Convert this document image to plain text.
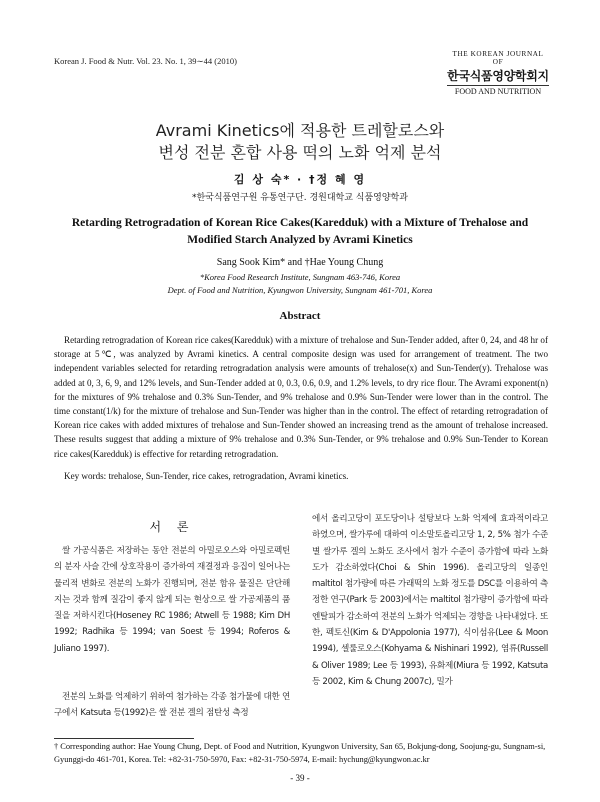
Korean J. Food & Nutr. Vol. 23. No. 1, 39∼44 (2010)
THE KOREAN JOURNAL OF
한국식품영양학회지
FOOD AND NUTRITION
Avrami Kinetics에 적용한 트레할로스와
변성 전분 혼합 사용 떡의 노화 억제 분석
김 상 숙* · †정 혜 영
*한국식품연구원 유통연구단. 경원대학교 식품영양학과
Retarding Retrogradation of Korean Rice Cakes(Karedduk) with a Mixture of Trehalose and
Modified Starch Analyzed by Avrami Kinetics
Sang Sook Kim* and †Hae Young Chung
*Korea Food Research Institute, Sungnam 463-746, Korea
Dept. of Food and Nutrition, Kyungwon University, Sungnam 461-701, Korea
Abstract

Retarding retrogradation of Korean rice cakes(Karedduk) with a mixture of trehalose and Sun-Tender added, after 0, 24, and 48 hr of storage at 5℃, was analyzed by Avrami kinetics. A central composite design was used for arrangement of treatment. The two independent variables selected for retarding retrogradation analysis were amounts of trehalose(x) and Sun-Tender(y). Trehalose was added at 0, 3, 6, 9, and 12% levels, and Sun-Tender added at 0, 0.3, 0.6, 0.9, and 1.2% levels, to dry rice flour. The Avrami exponent(n) for the mixtures of 9% trehalose and 0.3% Sun-Tender, and 9% trehalose and 0.9% Sun-Tender were lower than in the control. The time constant(1/k) for the mixture of trehalose and Sun-Tender was higher than in the control. The effect of retarding retrogradation of Korean rice cakes with added mixtures of trehalose and Sun-Tender showed an increasing trend as the amount of trehalose increased. These results suggest that adding a mixture of 9% trehalose and 0.3% Sun-Tender, or 9% trehalose and 0.9% Sun-Tender to Korean rice cakes(Karedduk) is effective for retarding retrogradation.

Key words: trehalose, Sun-Tender, rice cakes, retrogradation, Avrami kinetics.
서 론

쌀 가공식품은 저장하는 동안 전분의 아밀로오스와 아밀로펙틴의 분자 사슬 간에 상호작용이 증가하여 재결정과 응집이 일어나는 물리적 변화로 전분의 노화가 진행되며, 전분 함유 물질은 단단해지는 것과 함께 질감이 좋지 않게 되는 현상으로 쌀 가공제품의 품질을 저하시킨다(Hoseney RC 1986; Atwell 등 1988; Kim DH 1992; Radhika 등 1994; van Soest 등 1994; Roferos & Juliano 1997).

전분의 노화를 억제하기 위하여 첨가하는 각종 첨가물에 대한 연구에서 Katsuta 등(1992)은 쌀 전분 겔의 점탄성 측정

에서 올리고당이 포도당이나 설탕보다 노화 억제에 효과적이라고 하였으며, 쌀가루에 대하여 이소말토올리고당 1, 2, 5% 첨가 수준별 쌀가루 겔의 노화도 조사에서 첨가 수준이 증가함에 따라 노화도가 감소하였다(Choi & Shin 1996). 올리고당의 일종인 maltitol 첨가량에 따른 가래떡의 노화 정도를 DSC를 이용하여 측정한 연구(Park 등 2003)에서는 maltitol 첨가량이 증가함에 따라 엔탈피가 감소하여 전분의 노화가 억제되는 경향을 나타내었다. 또한, 펙토신(Kim & D'Appolonia 1977), 식이섬유(Lee & Moon 1994), 셀룰로오스(Kohyama & Nishinari 1992), 염류(Russell & Oliver 1989; Lee 등 1993), 유화제(Miura 등 1992, Katsuta 등 2002, Kim & Chung 2007c), 밀가

† Corresponding author: Hae Young Chung, Dept. of Food and Nutrition, Kyungwon University, San 65, Bokjung-dong, Soojung-gu, Sungnam-si, Gyunggi-do 461-701, Korea. Tel: +82-31-750-5970, Fax: +82-31-750-5974, E-mail: hychung@kyungwon.ac.kr

- 39 -
